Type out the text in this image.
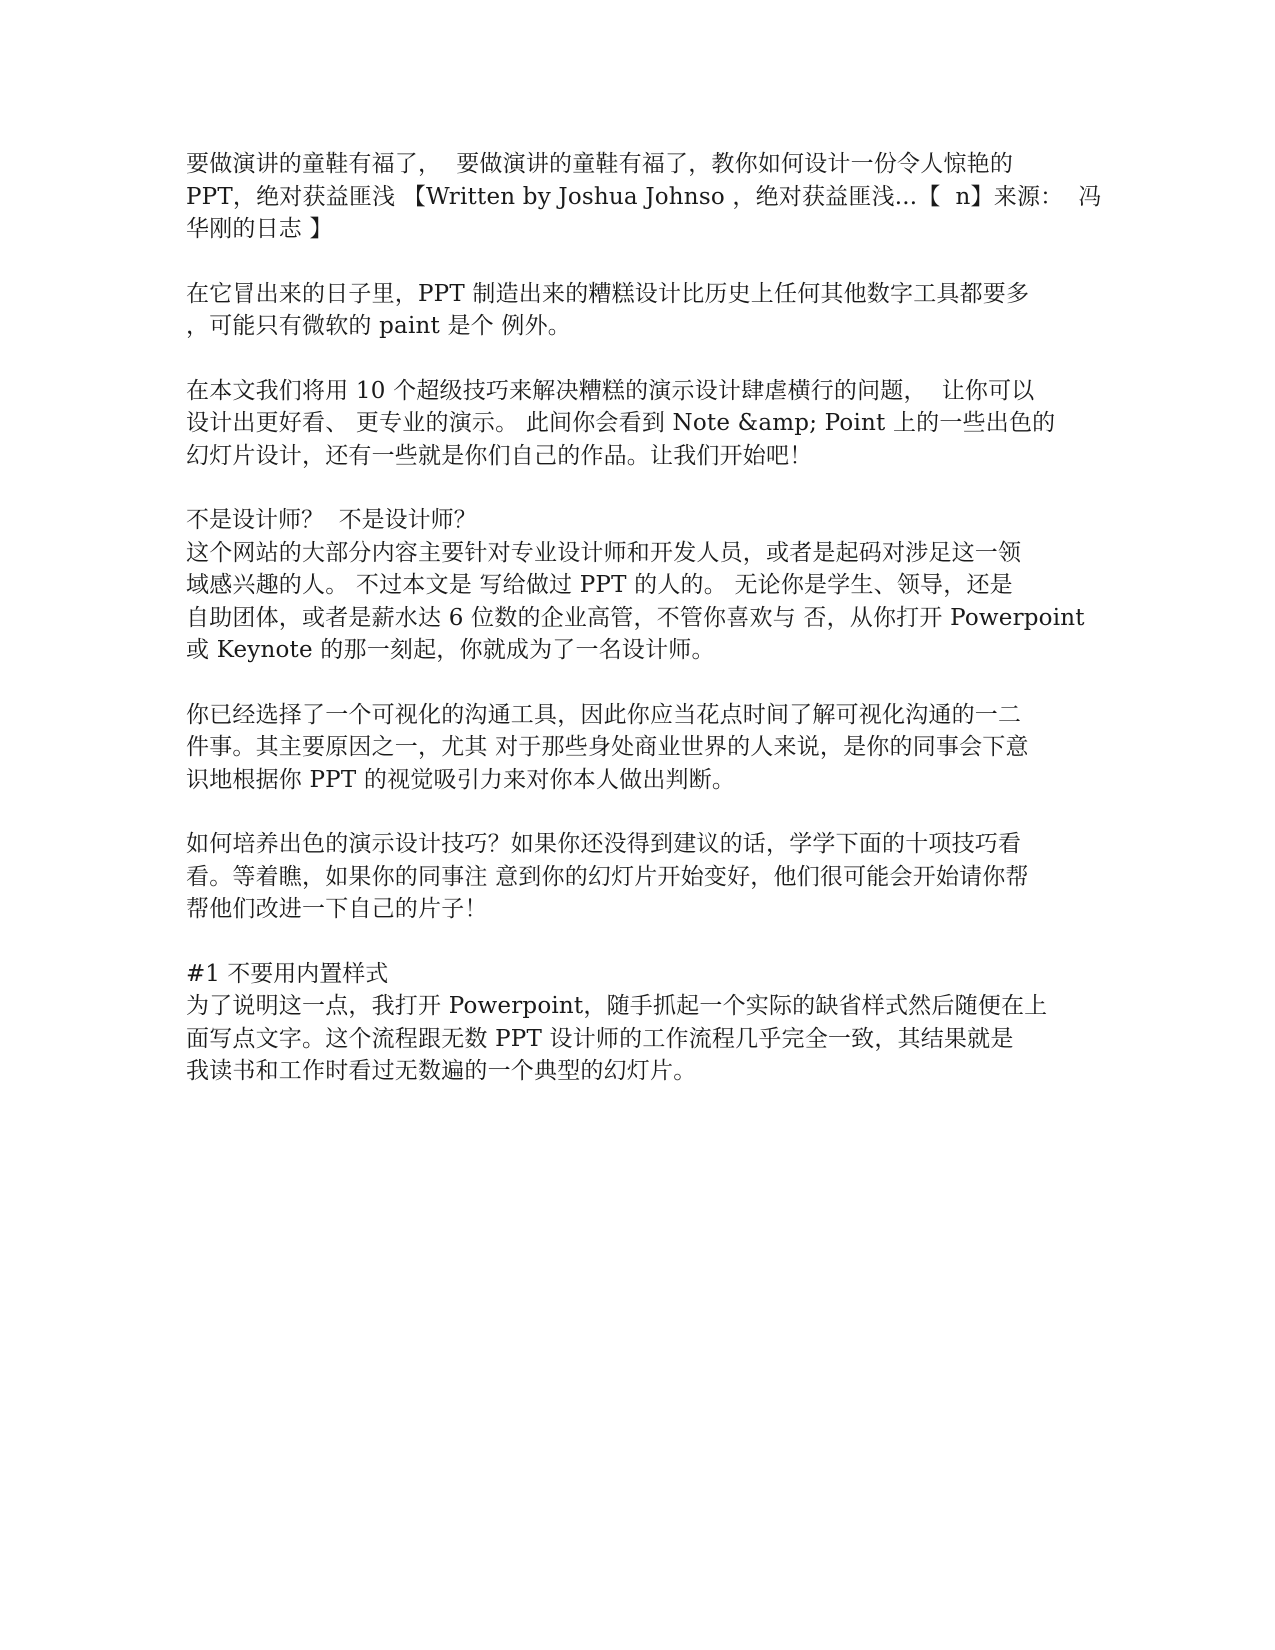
要做演讲的童鞋有福了，  要做演讲的童鞋有福了，教你如何设计一份令人惊艳的
PPT，绝对获益匪浅 【Written by Joshua Johnso ，绝对获益匪浅...【  n】来源：  冯
华刚的日志 】
在它冒出来的日子里，PPT 制造出来的糟糕设计比历史上任何其他数字工具都要多
，可能只有微软的 paint 是个 例外。
在本文我们将用 10 个超级技巧来解决糟糕的演示设计肆虐横行的问题，  让你可以
设计出更好看、 更专业的演示。 此间你会看到 Note &amp; Point 上的一些出色的
幻灯片设计，还有一些就是你们自己的作品。让我们开始吧！
不是设计师？  不是设计师？
这个网站的大部分内容主要针对专业设计师和开发人员，或者是起码对涉足这一领
域感兴趣的人。 不过本文是 写给做过 PPT 的人的。 无论你是学生、领导，还是
自助团体，或者是薪水达 6 位数的企业高管，不管你喜欢与 否，从你打开 Powerpoint
或 Keynote 的那一刻起，你就成为了一名设计师。
你已经选择了一个可视化的沟通工具，因此你应当花点时间了解可视化沟通的一二
件事。其主要原因之一，尤其 对于那些身处商业世界的人来说，是你的同事会下意
识地根据你 PPT 的视觉吸引力来对你本人做出判断。
如何培养出色的演示设计技巧？如果你还没得到建议的话，学学下面的十项技巧看
看。等着瞧，如果你的同事注 意到你的幻灯片开始变好，他们很可能会开始请你帮
帮他们改进一下自己的片子！
#1 不要用内置样式
为了说明这一点，我打开 Powerpoint，随手抓起一个实际的缺省样式然后随便在上
面写点文字。这个流程跟无数 PPT 设计师的工作流程几乎完全一致，其结果就是
我读书和工作时看过无数遍的一个典型的幻灯片。
